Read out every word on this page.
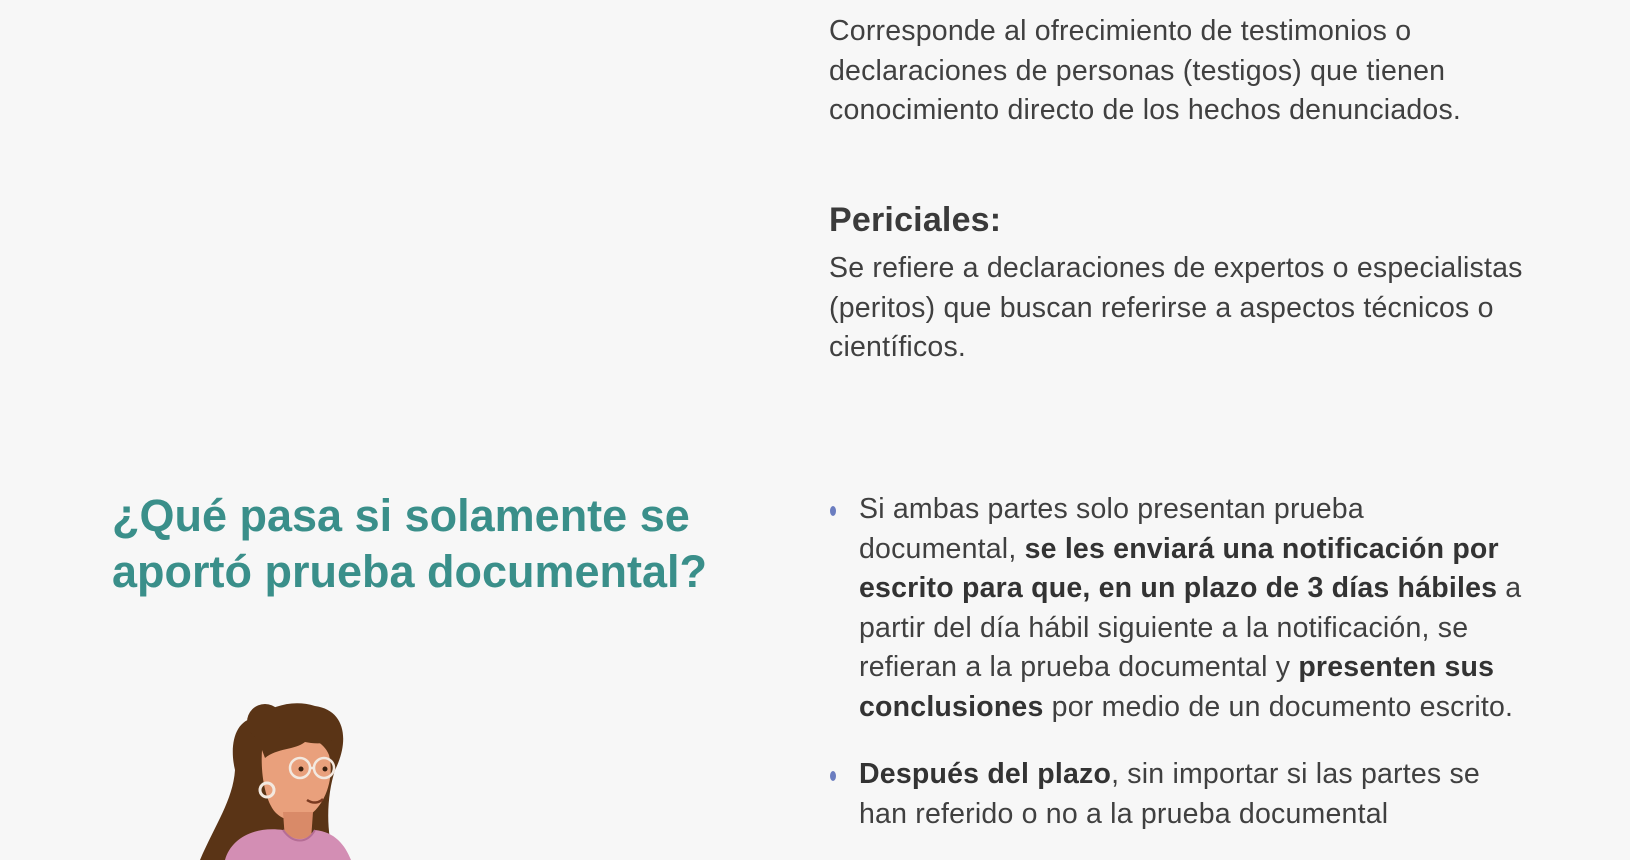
Corresponde al ofrecimiento de testimonios o declaraciones de personas (testigos) que tienen conocimiento directo de los hechos denunciados.

Periciales:

Se refiere a declaraciones de expertos o especialistas (peritos) que buscan referirse a aspectos técnicos o científicos.

¿Qué pasa si solamente se aportó prueba documental?
Si ambas partes solo presentan prueba documental, se les enviará una notificación por escrito para que, en un plazo de 3 días hábiles a partir del día hábil siguiente a la notificación, se refieran a la prueba documental y presenten sus conclusiones por medio de un documento escrito.
Después del plazo, sin importar si las partes se han referido o no a la prueba documental
